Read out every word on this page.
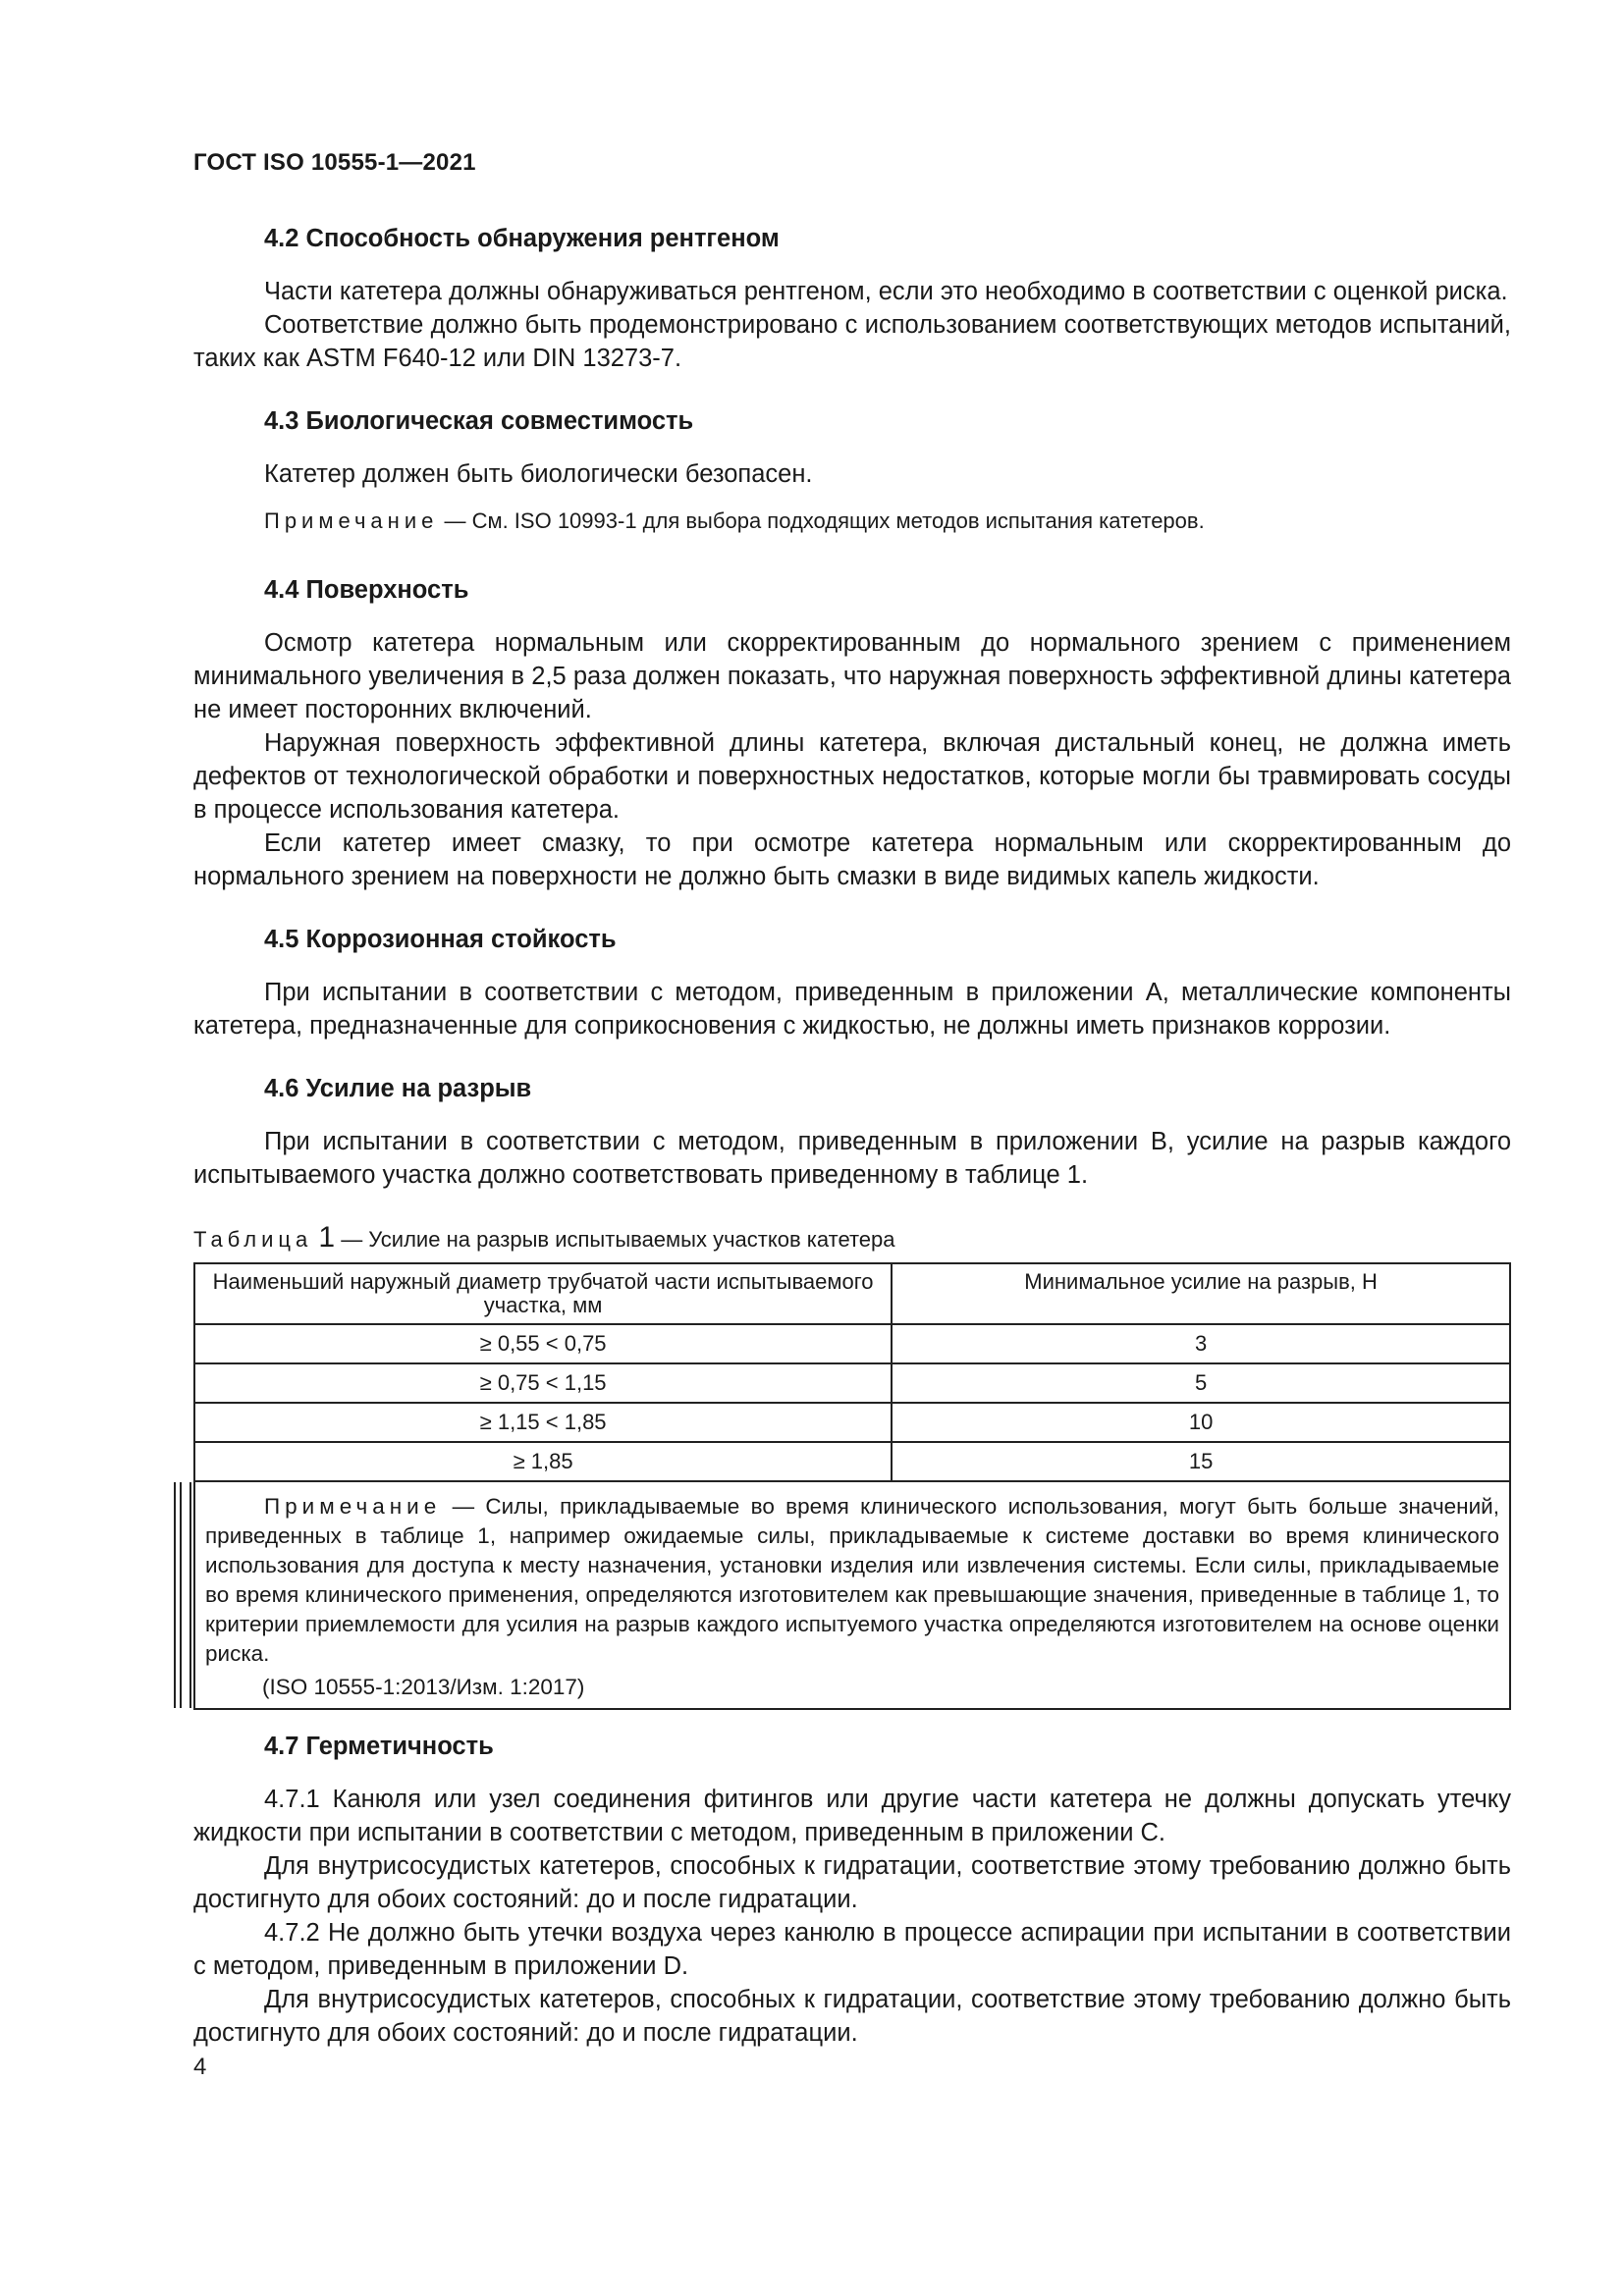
ГОСТ ISO 10555-1—2021
4.2 Способность обнаружения рентгеном

Части катетера должны обнаруживаться рентгеном, если это необходимо в соответствии с оценкой риска.

Соответствие должно быть продемонстрировано с использованием соответствующих методов испытаний, таких как ASTM F640-12 или DIN 13273-7.

4.3 Биологическая совместимость

Катетер должен быть биологически безопасен.

Примечание — См. ISO 10993-1 для выбора подходящих методов испытания катетеров.

4.4 Поверхность

Осмотр катетера нормальным или скорректированным до нормального зрением с применением минимального увеличения в 2,5 раза должен показать, что наружная поверхность эффективной длины катетера не имеет посторонних включений.

Наружная поверхность эффективной длины катетера, включая дистальный конец, не должна иметь дефектов от технологической обработки и поверхностных недостатков, которые могли бы травмировать сосуды в процессе использования катетера.

Если катетер имеет смазку, то при осмотре катетера нормальным или скорректированным до нормального зрением на поверхности не должно быть смазки в виде видимых капель жидкости.

4.5 Коррозионная стойкость

При испытании в соответствии с методом, приведенным в приложении А, металлические компоненты катетера, предназначенные для соприкосновения с жидкостью, не должны иметь признаков коррозии.

4.6 Усилие на разрыв

При испытании в соответствии с методом, приведенным в приложении В, усилие на разрыв каждого испытываемого участка должно соответствовать приведенному в таблице 1.

Таблица 1 — Усилие на разрыв испытываемых участков катетера
Наименьший наружный диаметр трубчатой части испытываемого участка, мм	Минимальное усилие на разрыв, Н
≥ 0,55 < 0,75	3
≥ 0,75 < 1,15	5
≥ 1,15 < 1,85	10
≥ 1,85	15

Примечание — Силы, прикладываемые во время клинического использования, могут быть больше значений, приведенных в таблице 1, например ожидаемые силы, прикладываемые к системе доставки во время клинического использования для доступа к месту назначения, установки изделия или извлечения системы. Если силы, прикладываемые во время клинического применения, определяются изготовителем как превышающие значения, приведенные в таблице 1, то критерии приемлемости для усилия на разрыв каждого испытуемого участка определяются изготовителем на основе оценки риска.

(ISO 10555-1:2013/Изм. 1:2017)	

4.7 Герметичность

4.7.1 Канюля или узел соединения фитингов или другие части катетера не должны допускать утечку жидкости при испытании в соответствии с методом, приведенным в приложении С.

Для внутрисосудистых катетеров, способных к гидратации, соответствие этому требованию должно быть достигнуто для обоих состояний: до и после гидратации.

4.7.2 Не должно быть утечки воздуха через канюлю в процессе аспирации при испытании в соответствии с методом, приведенным в приложении D.

Для внутрисосудистых катетеров, способных к гидратации, соответствие этому требованию должно быть достигнуто для обоих состояний: до и после гидратации.

4
